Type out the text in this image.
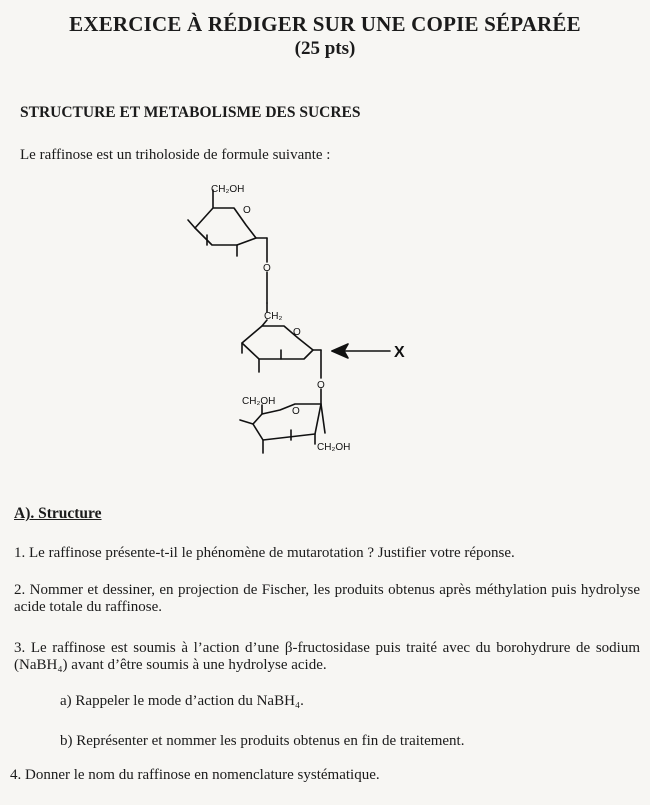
EXERCICE À RÉDIGER SUR UNE COPIE SÉPARÉE
(25 pts)
STRUCTURE ET METABOLISME DES SUCRES
Le raffinose est un triholoside de formule suivante :
CH₂OH
O
O
CH₂
O
O
CH₂OH
O
CH₂OH
X
A). Structure
1. Le raffinose présente-t-il le phénomène de mutarotation ? Justifier votre réponse.
2. Nommer et dessiner, en projection de Fischer, les produits obtenus après méthylation puis hydrolyse acide totale du raffinose.
3. Le raffinose est soumis à l’action d’une β-fructosidase puis traité avec du borohydrure de sodium (NaBH₄) avant d’être soumis à une hydrolyse acide.
a) Rappeler le mode d’action du NaBH₄.
b) Représenter et nommer les produits obtenus en fin de traitement.
4. Donner le nom du raffinose en nomenclature systématique.
